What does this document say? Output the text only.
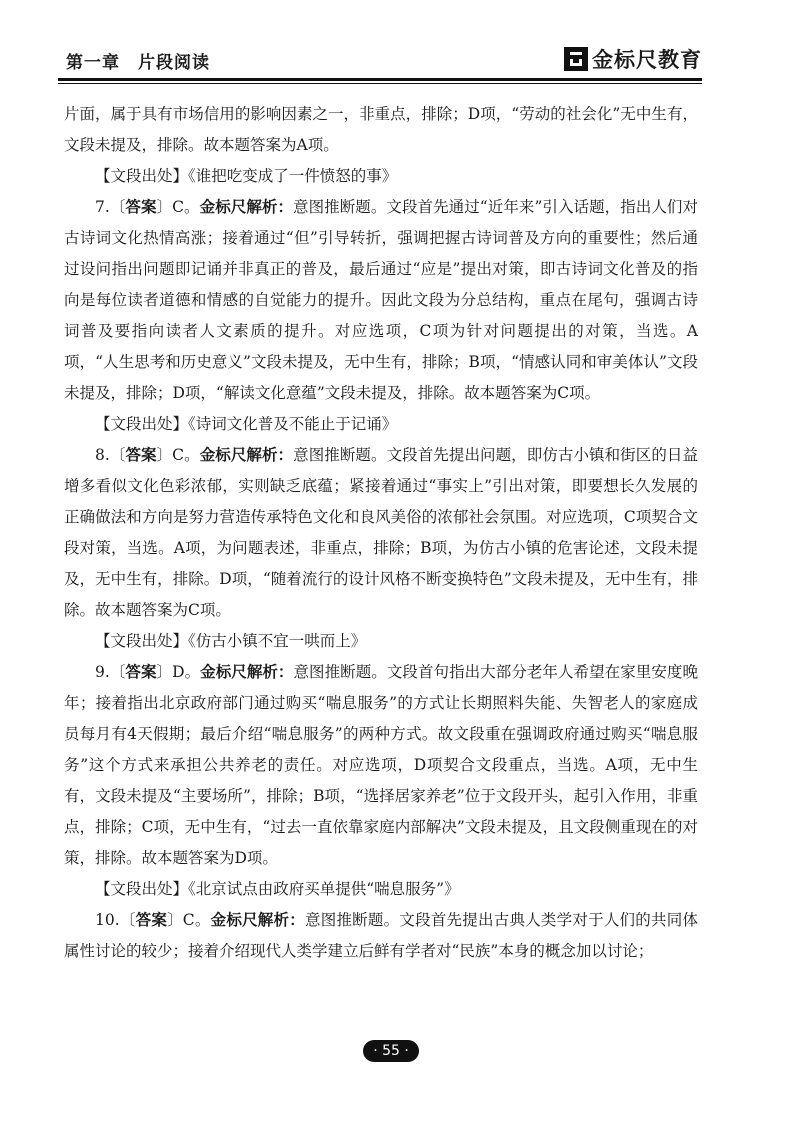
第一章　片段阅读	金标尺教育

片面，属于具有市场信用的影响因素之一，非重点，排除；D项，“劳动的社会化”无中生有，文段未提及，排除。故本题答案为A项。

【文段出处】《谁把吃变成了一件愤怒的事》

7.〔答案〕C。金标尺解析：意图推断题。文段首先通过“近年来”引入话题，指出人们对古诗词文化热情高涨；接着通过“但”引导转折，强调把握古诗词普及方向的重要性；然后通过设问指出问题即记诵并非真正的普及，最后通过“应是”提出对策，即古诗词文化普及的指向是每位读者道德和情感的自觉能力的提升。因此文段为分总结构，重点在尾句，强调古诗词普及要指向读者人文素质的提升。对应选项，C项为针对问题提出的对策，当选。A项，“人生思考和历史意义”文段未提及，无中生有，排除；B项，“情感认同和审美体认”文段未提及，排除；D项，“解读文化意蕴”文段未提及，排除。故本题答案为C项。

【文段出处】《诗词文化普及不能止于记诵》

8.〔答案〕C。金标尺解析：意图推断题。文段首先提出问题，即仿古小镇和街区的日益增多看似文化色彩浓郁，实则缺乏底蕴；紧接着通过“事实上”引出对策，即要想长久发展的正确做法和方向是努力营造传承特色文化和良风美俗的浓郁社会氛围。对应选项，C项契合文段对策，当选。A项，为问题表述，非重点，排除；B项，为仿古小镇的危害论述，文段未提及，无中生有，排除。D项，“随着流行的设计风格不断变换特色”文段未提及，无中生有，排除。故本题答案为C项。

【文段出处】《仿古小镇不宜一哄而上》

9.〔答案〕D。金标尺解析：意图推断题。文段首句指出大部分老年人希望在家里安度晚年；接着指出北京政府部门通过购买“喘息服务”的方式让长期照料失能、失智老人的家庭成员每月有4天假期；最后介绍“喘息服务”的两种方式。故文段重在强调政府通过购买“喘息服务”这个方式来承担公共养老的责任。对应选项，D项契合文段重点，当选。A项，无中生有，文段未提及“主要场所”，排除；B项，“选择居家养老”位于文段开头，起引入作用，非重点，排除；C项，无中生有，“过去一直依靠家庭内部解决”文段未提及，且文段侧重现在的对策，排除。故本题答案为D项。

【文段出处】《北京试点由政府买单提供“喘息服务”》

10.〔答案〕C。金标尺解析：意图推断题。文段首先提出古典人类学对于人们的共同体属性讨论的较少；接着介绍现代人类学建立后鲜有学者对“民族”本身的概念加以讨论；

· 55 ·
